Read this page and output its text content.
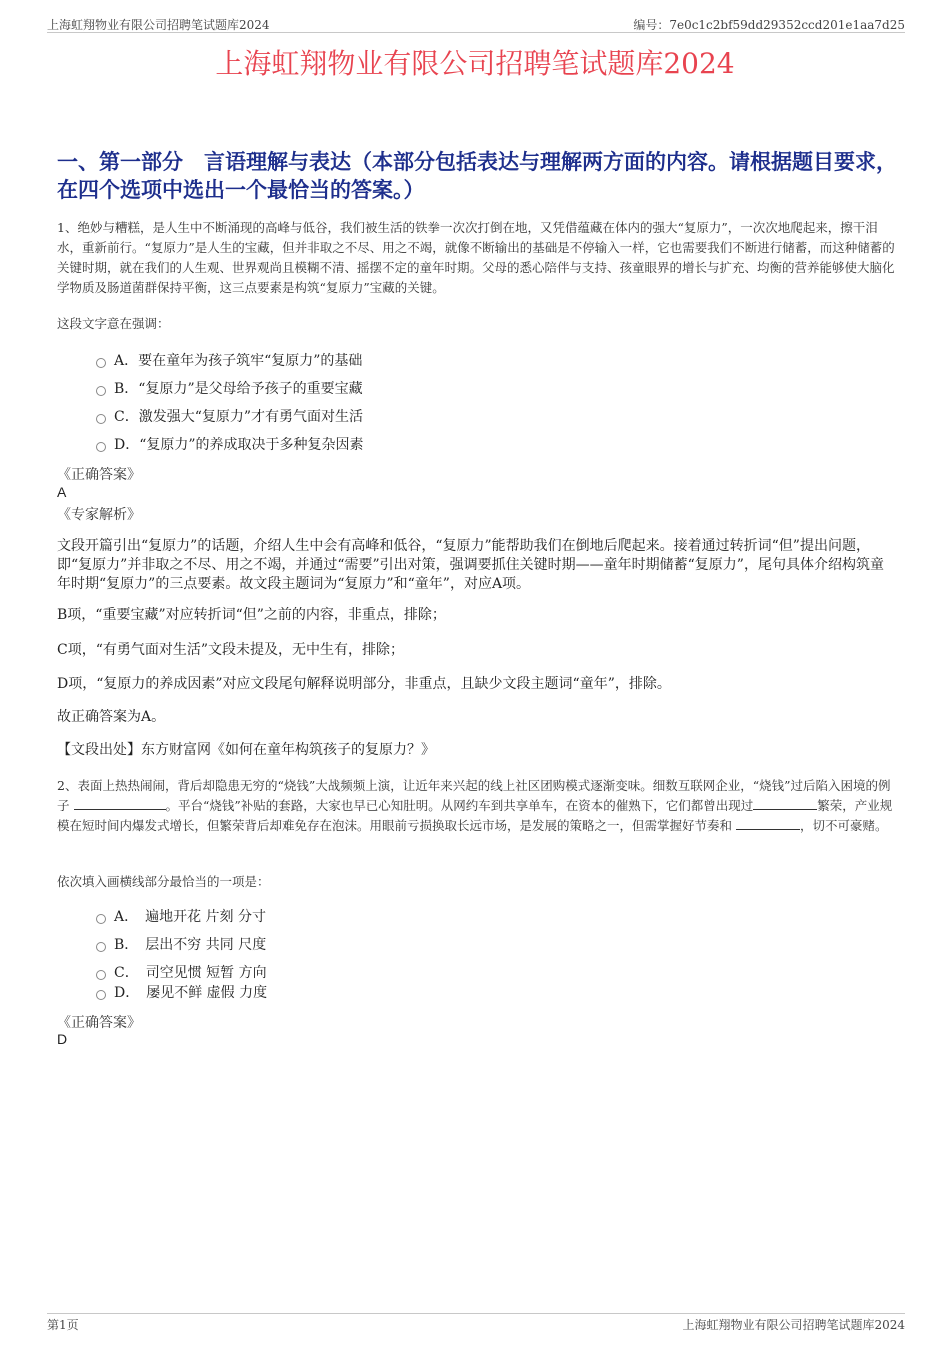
上海虹翔物业有限公司招聘笔试题库2024	编号：7e0c1c2bf59dd29352ccd201e1aa7d25
上海虹翔物业有限公司招聘笔试题库2024
一、第一部分　言语理解与表达（本部分包括表达与理解两方面的内容。请根据题目要求，在四个选项中选出一个最恰当的答案。）

1、绝妙与糟糕，是人生中不断涌现的高峰与低谷，我们被生活的铁拳一次次打倒在地，又凭借蕴藏在体内的强大“复原力”，一次次地爬起来，擦干泪水，重新前行。“复原力”是人生的宝藏，但并非取之不尽、用之不竭，就像不断输出的基础是不停输入一样，它也需要我们不断进行储蓄，而这种储蓄的关键时期，就在我们的人生观、世界观尚且模糊不清、摇摆不定的童年时期。父母的悉心陪伴与支持、孩童眼界的增长与扩充、均衡的营养能够使大脑化学物质及肠道菌群保持平衡，这三点要素是构筑“复原力”宝藏的关键。

这段文字意在强调：

A．要在童年为孩子筑牢“复原力”的基础
B．“复原力”是父母给予孩子的重要宝藏
C．激发强大“复原力”才有勇气面对生活
D．“复原力”的养成取决于多种复杂因素
《正确答案》
A
《专家解析》

文段开篇引出“复原力”的话题，介绍人生中会有高峰和低谷，“复原力”能帮助我们在倒地后爬起来。接着通过转折词“但”提出问题，即“复原力”并非取之不尽、用之不竭，并通过“需要”引出对策，强调要抓住关键时期——童年时期储蓄“复原力”，尾句具体介绍构筑童年时期“复原力”的三点要素。故文段主题词为“复原力”和“童年”，对应A项。

B项，“重要宝藏”对应转折词“但”之前的内容，非重点，排除；

C项，“有勇气面对生活”文段未提及，无中生有，排除；

D项，“复原力的养成因素”对应文段尾句解释说明部分，非重点，且缺少文段主题词“童年”，排除。

故正确答案为A。

【文段出处】东方财富网《如何在童年构筑孩子的复原力？》

2、表面上热热闹闹，背后却隐患无穷的“烧钱”大战频频上演，让近年来兴起的线上社区团购模式逐渐变味。细数互联网企业，“烧钱”过后陷入困境的例子	。平台“烧钱”补贴的套路，大家也早已心知肚明。从网约车到共享单车，在资本的催熟下，它们都曾出现过	繁荣，产业规模在短时间内爆发式增长，但繁荣背后却难免存在泡沫。用眼前亏损换取长远市场，是发展的策略之一，但需掌握好节奏和	，切不可豪赌。

依次填入画横线部分最恰当的一项是：

A．　遍地开花 片刻 分寸
B．　层出不穷 共同 尺度
C．　司空见惯 短暂 方向
D．　屡见不鲜 虚假 力度
《正确答案》
D
第1页	上海虹翔物业有限公司招聘笔试题库2024
